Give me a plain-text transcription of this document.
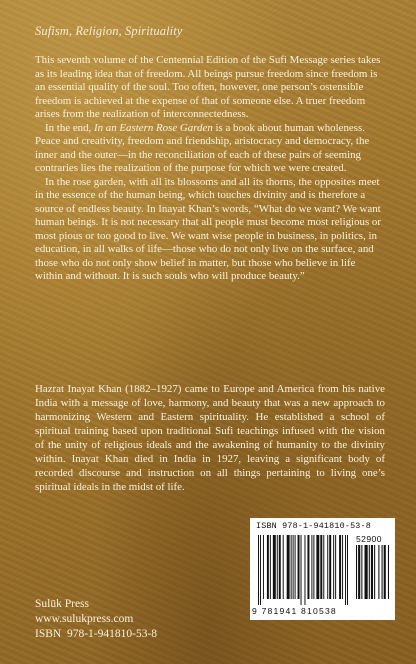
Sufism, Religion, Spirituality

This seventh volume of the Centennial Edition of the Sufi Message series takes as its leading idea that of freedom. All beings pursue freedom since freedom is an essential quality of the soul. Too often, however, one person’s ostensible freedom is achieved at the expense of that of someone else. A truer freedom arises from the realization of interconnectedness.

In the end, In an Eastern Rose Garden is a book about human wholeness. Peace and creativity, freedom and friendship, aristocracy and democracy, the inner and the outer—in the reconciliation of each of these pairs of seeming contraries lies the realization of the purpose for which we were created.

In the rose garden, with all its blossoms and all its thorns, the opposites meet in the essence of the human being, which touches divinity and is therefore a source of endless beauty. In Inayat Khan’s words, “What do we want? We want human beings. It is not necessary that all people must become most religious or most pious or too good to live. We want wise people in business, in politics, in education, in all walks of life—those who do not only live on the surface, and those who do not only show belief in matter, but those who believe in life within and without. It is such souls who will produce beauty.”

Hazrat Inayat Khan (1882–1927) came to Europe and America from his native India with a message of love, harmony, and beauty that was a new approach to harmonizing Western and Eastern spirituality. He established a school of spiritual training based upon traditional Sufi teachings infused with the vision of the unity of religious ideals and the awakening of humanity to the divinity within. Inayat Khan died in India in 1927, leaving a significant body of recorded discourse and instruction on all things pertaining to living one’s spiritual ideals in the midst of life.
Sulūk Press
www.sulukpress.com
ISBN  978-1-941810-53-8
ISBN 978-1-941810-53-8
52900
9 781941 810538
